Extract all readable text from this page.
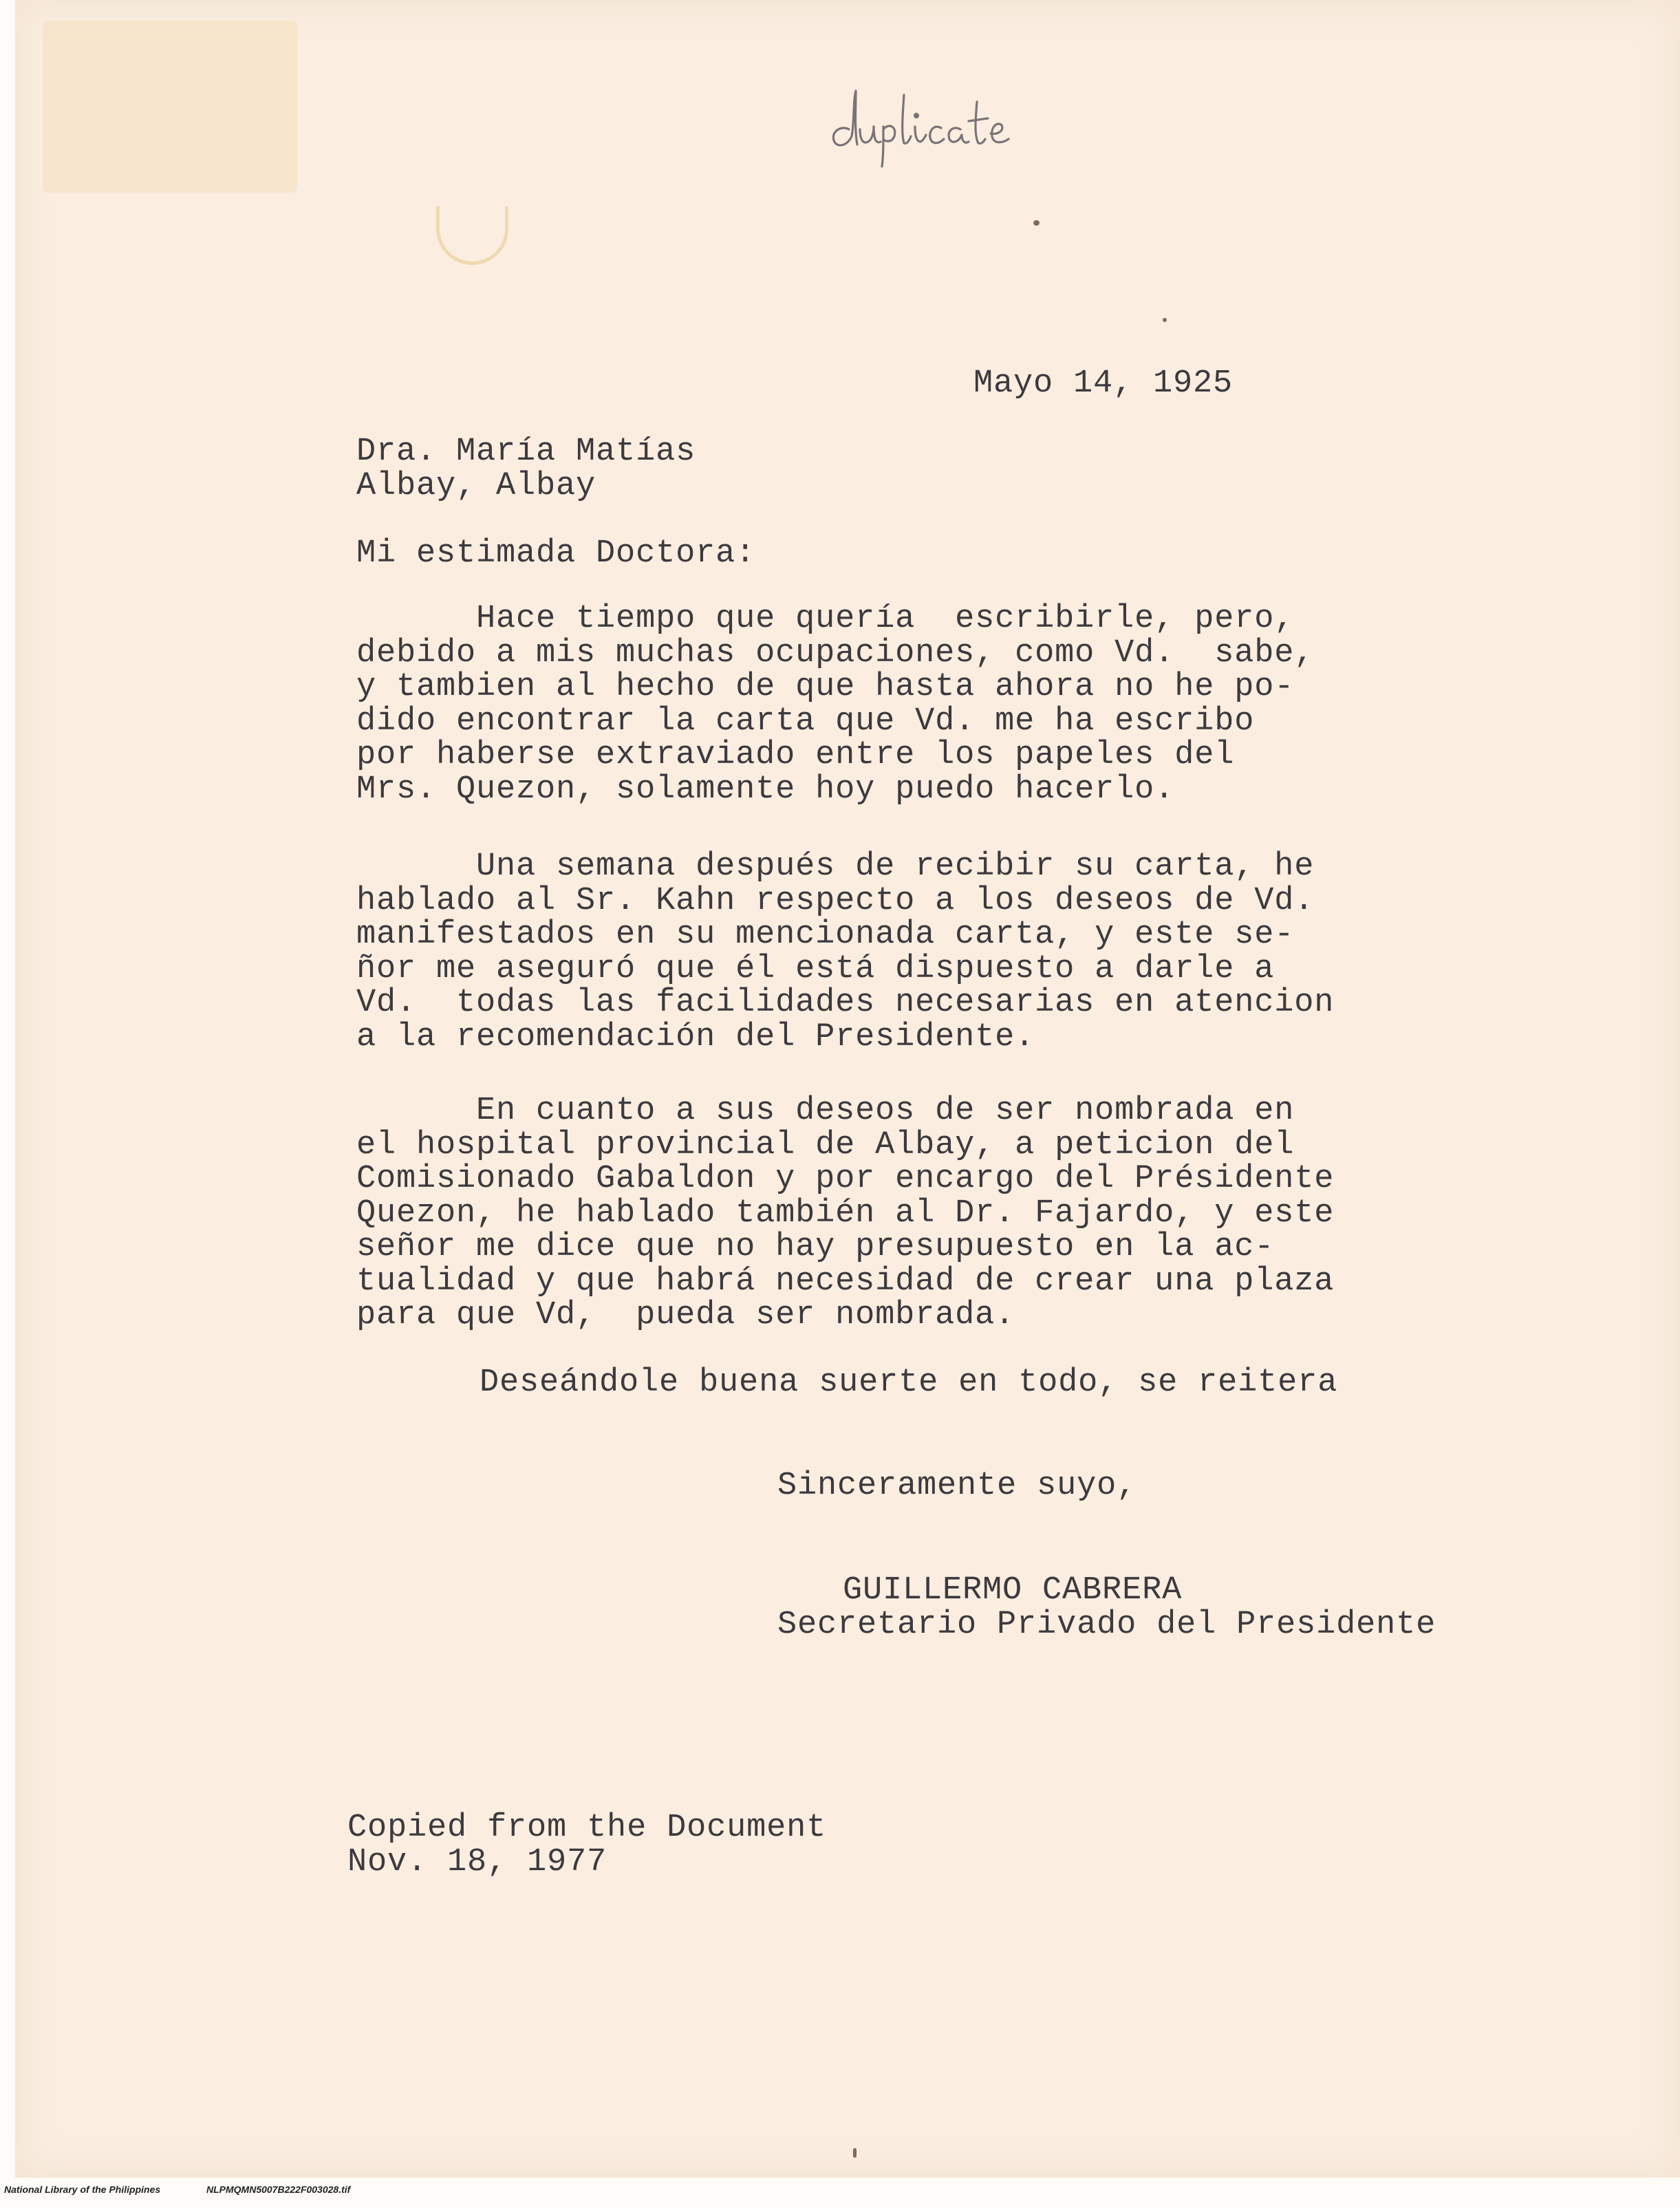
Mayo 14, 1925

Dra. María Matías

Albay, Albay

Mi estimada Doctora:

Hace tiempo que quería  escribirle, pero,
debido a mis muchas ocupaciones, como Vd.  sabe,
y tambien al hecho de que hasta ahora no he po-
dido encontrar la carta que Vd. me ha escribo
por haberse extraviado entre los papeles del
Mrs. Quezon, solamente hoy puedo hacerlo.
Una semana después de recibir su carta, he
hablado al Sr. Kahn respecto a los deseos de Vd.
manifestados en su mencionada carta, y este se-
ñor me aseguró que él está dispuesto a darle a
Vd.  todas las facilidades necesarias en atencion
a la recomendación del Presidente.
En cuanto a sus deseos de ser nombrada en
el hospital provincial de Albay, a peticion del
Comisionado Gabaldon y por encargo del Présidente
Quezon, he hablado también al Dr. Fajardo, y este
señor me dice que no hay presupuesto en la ac-
tualidad y que habrá necesidad de crear una plaza
para que Vd,  pueda ser nombrada.

Deseándole buena suerte en todo, se reitera

Sinceramente suyo,

GUILLERMO CABRERA

Secretario Privado del Presidente

Copied from the Document

Nov. 18, 1977

National Library of the Philippines	NLPMQMN5007B222F003028.tif
